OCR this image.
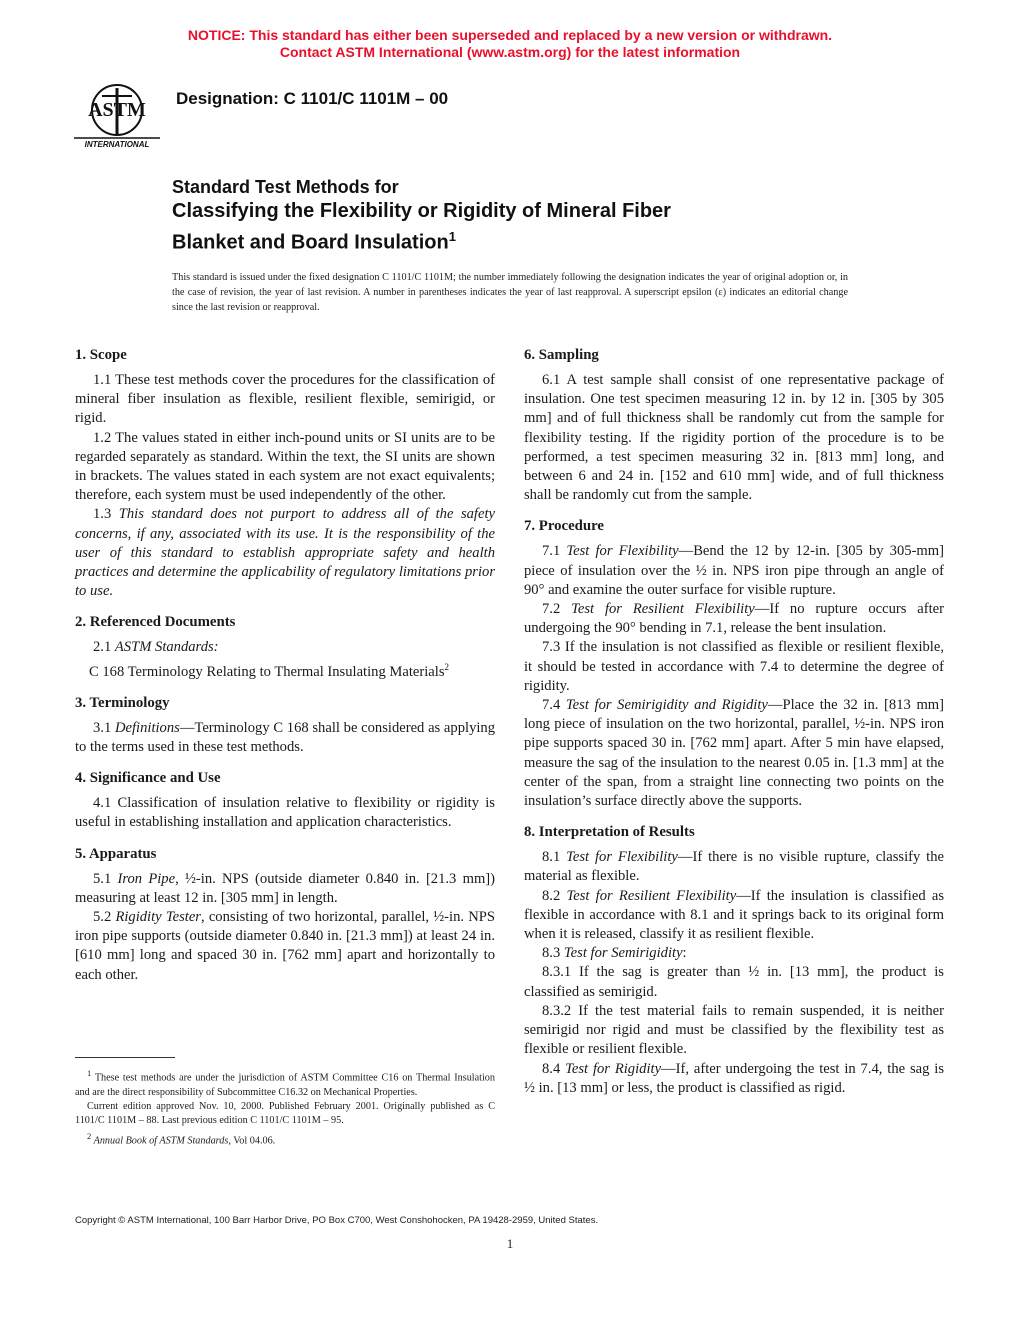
NOTICE: This standard has either been superseded and replaced by a new version or withdrawn.
Contact ASTM International (www.astm.org) for the latest information
ASTM
INTERNATIONAL
Designation: C 1101/C 1101M – 00
Standard Test Methods for
Classifying the Flexibility or Rigidity of Mineral Fiber
Blanket and Board Insulation$^1$
This standard is issued under the fixed designation C 1101/C 1101M; the number immediately following the designation indicates the year of original adoption or, in the case of revision, the year of last revision. A number in parentheses indicates the year of last reapproval. A superscript epsilon (ε) indicates an editorial change since the last revision or reapproval.
1. Scope

1.1 These test methods cover the procedures for the classification of mineral fiber insulation as flexible, resilient flexible, semirigid, or rigid.

1.2 The values stated in either inch-pound units or SI units are to be regarded separately as standard. Within the text, the SI units are shown in brackets. The values stated in each system are not exact equivalents; therefore, each system must be used independently of the other.

1.3 This standard does not purport to address all of the safety concerns, if any, associated with its use. It is the responsibility of the user of this standard to establish appropriate safety and health practices and determine the applicability of regulatory limitations prior to use.

2. Referenced Documents

2.1 ASTM Standards:

C 168 Terminology Relating to Thermal Insulating Materials$^2$

3. Terminology

3.1 Definitions—Terminology C 168 shall be considered as applying to the terms used in these test methods.

4. Significance and Use

4.1 Classification of insulation relative to flexibility or rigidity is useful in establishing installation and application characteristics.

5. Apparatus

5.1 Iron Pipe, ½-in. NPS (outside diameter 0.840 in. [21.3 mm]) measuring at least 12 in. [305 mm] in length.

5.2 Rigidity Tester, consisting of two horizontal, parallel, ½-in. NPS iron pipe supports (outside diameter 0.840 in. [21.3 mm]) at least 24 in. [610 mm] long and spaced 30 in. [762 mm] apart and horizontally to each other.

6. Sampling

6.1 A test sample shall consist of one representative package of insulation. One test specimen measuring 12 in. by 12 in. [305 by 305 mm] and of full thickness shall be randomly cut from the sample for flexibility testing. If the rigidity portion of the procedure is to be performed, a test specimen measuring 32 in. [813 mm] long, and between 6 and 24 in. [152 and 610 mm] wide, and of full thickness shall be randomly cut from the sample.

7. Procedure

7.1 Test for Flexibility—Bend the 12 by 12-in. [305 by 305-mm] piece of insulation over the ½ in. NPS iron pipe through an angle of 90° and examine the outer surface for visible rupture.

7.2 Test for Resilient Flexibility—If no rupture occurs after undergoing the 90° bending in 7.1, release the bent insulation.

7.3 If the insulation is not classified as flexible or resilient flexible, it should be tested in accordance with 7.4 to determine the degree of rigidity.

7.4 Test for Semirigidity and Rigidity—Place the 32 in. [813 mm] long piece of insulation on the two horizontal, parallel, ½-in. NPS iron pipe supports spaced 30 in. [762 mm] apart. After 5 min have elapsed, measure the sag of the insulation to the nearest 0.05 in. [1.3 mm] at the center of the span, from a straight line connecting two points on the insulation’s surface directly above the supports.

8. Interpretation of Results

8.1 Test for Flexibility—If there is no visible rupture, classify the material as flexible.

8.2 Test for Resilient Flexibility—If the insulation is classified as flexible in accordance with 8.1 and it springs back to its original form when it is released, classify it as resilient flexible.

8.3 Test for Semirigidity:

8.3.1 If the sag is greater than ½ in. [13 mm], the product is classified as semirigid.

8.3.2 If the test material fails to remain suspended, it is neither semirigid nor rigid and must be classified by the flexibility test as flexible or resilient flexible.

8.4 Test for Rigidity—If, after undergoing the test in 7.4, the sag is ½ in. [13 mm] or less, the product is classified as rigid.

$^1$ These test methods are under the jurisdiction of ASTM Committee C16 on Thermal Insulation and are the direct responsibility of Subcommittee C16.32 on Mechanical Properties.

Current edition approved Nov. 10, 2000. Published February 2001. Originally published as C 1101/C 1101M – 88. Last previous edition C 1101/C 1101M – 95.

$^2$ Annual Book of ASTM Standards, Vol 04.06.

Copyright © ASTM International, 100 Barr Harbor Drive, PO Box C700, West Conshohocken, PA 19428-2959, United States.
1
